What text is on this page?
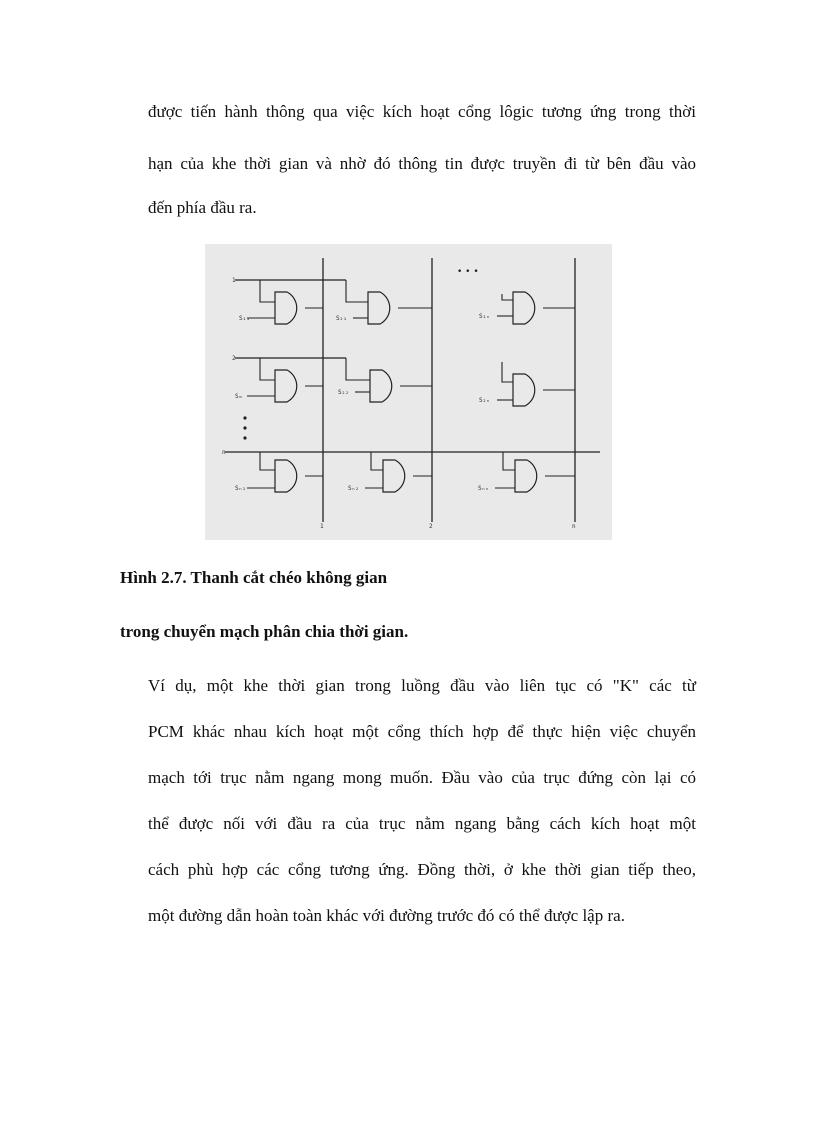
được tiến hành thông qua việc kích hoạt cổng lôgic tương ứng trong thời

hạn của khe thời gian và nhờ đó thông tin được truyền đi từ bên đầu vào

đến phía đầu ra.

1
2
n
1	2	n
S₁₁	S₂₁	S₁ₙ
Sₘ
S₂₂
S₂ₙ
Sₙ₁	Sₙ₂	Sₙₙ
• • •

Hình 2.7. Thanh cắt chéo không gian

trong chuyển mạch phân chia thời gian.

Ví dụ, một khe thời gian trong luồng đầu vào liên tục có "K" các từ

PCM khác nhau kích hoạt một cổng thích hợp để thực hiện việc chuyển

mạch tới trục nằm ngang mong muốn. Đầu vào của trục đứng còn lại có

thể được nối với đầu ra của trục nằm ngang bằng cách kích hoạt một

cách phù hợp các cổng tương ứng. Đồng thời, ở khe thời gian tiếp theo,

một đường dẫn hoàn toàn khác với đường trước đó có thể được lập ra.
